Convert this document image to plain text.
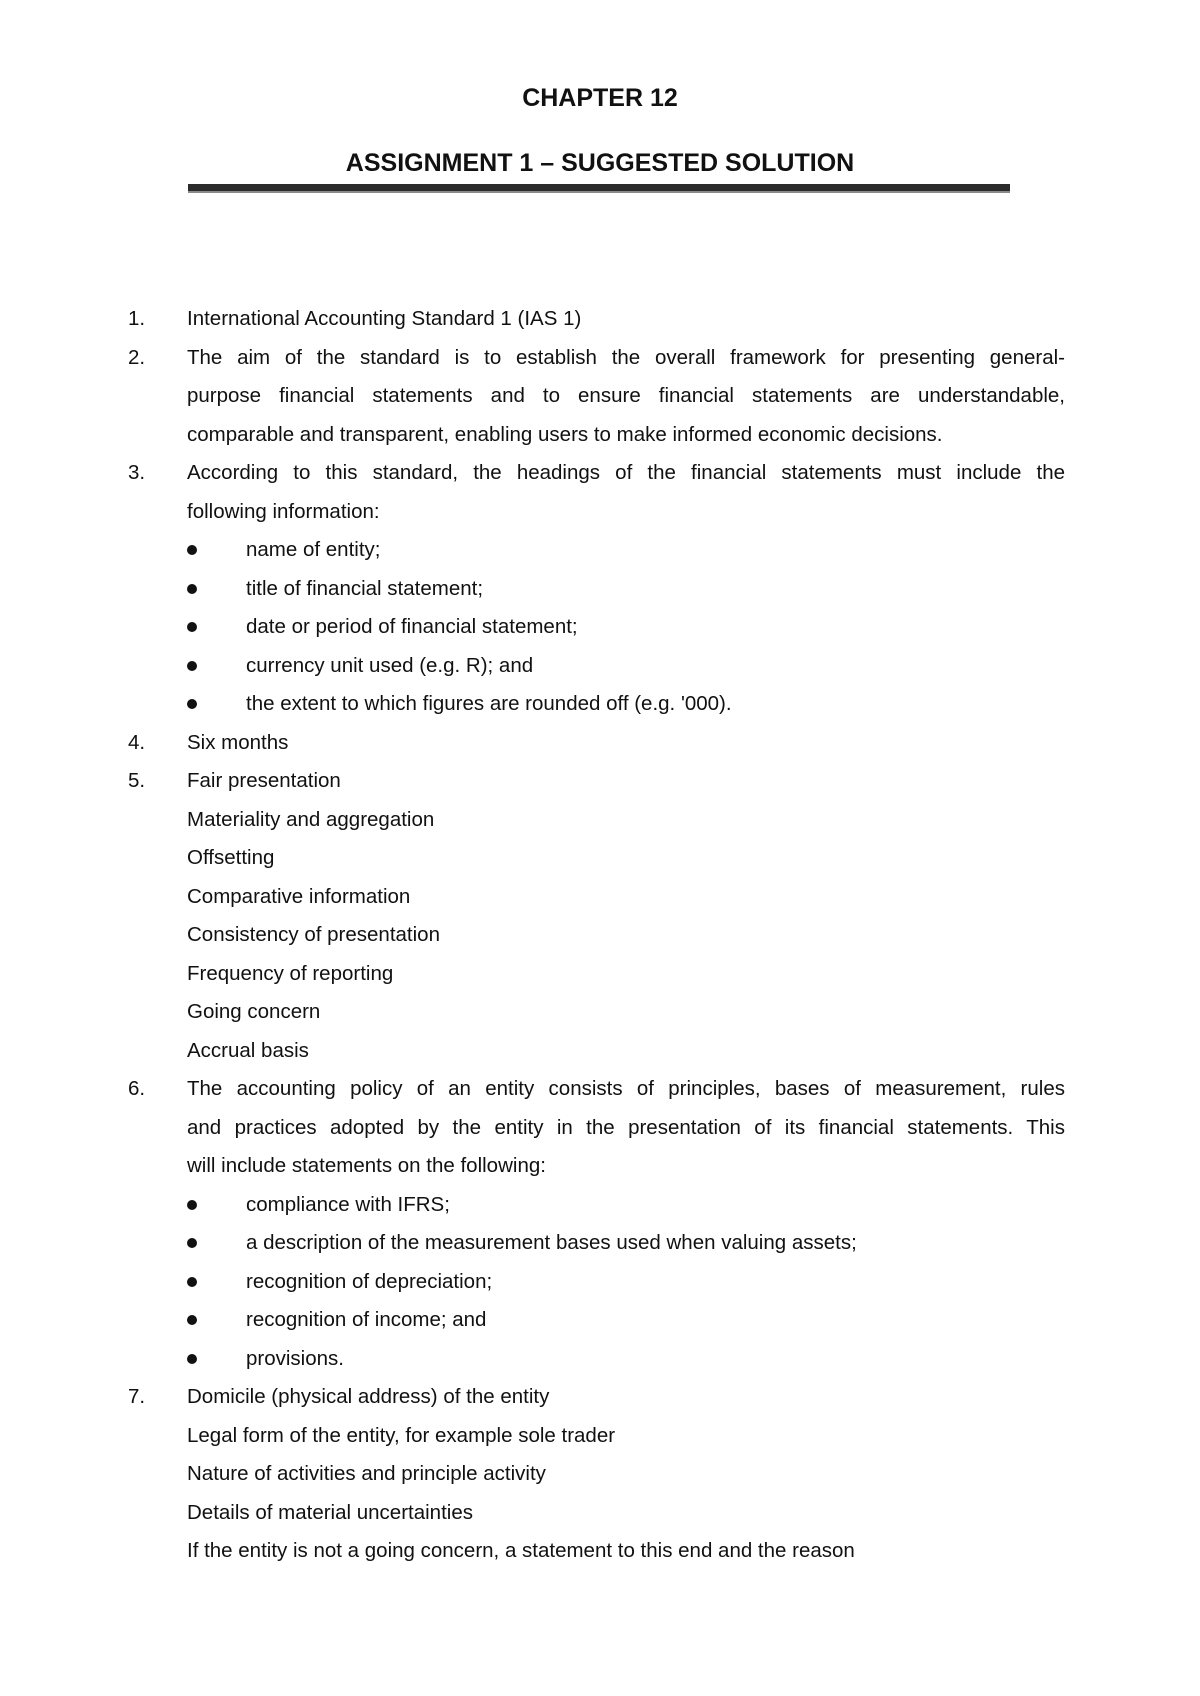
CHAPTER 12
ASSIGNMENT 1 – SUGGESTED SOLUTION
1. International Accounting Standard 1 (IAS 1)
2. The aim of the standard is to establish the overall framework for presenting general-
purpose financial statements and to ensure financial statements are understandable,
comparable and transparent, enabling users to make informed economic decisions.
3. According to this standard, the headings of the financial statements must include the
following information:
name of entity;
title of financial statement;
date or period of financial statement;
currency unit used (e.g. R); and
the extent to which figures are rounded off (e.g. '000).
4. Six months
5. Fair presentation
Materiality and aggregation
Offsetting
Comparative information
Consistency of presentation
Frequency of reporting
Going concern
Accrual basis
6. The accounting policy of an entity consists of principles, bases of measurement, rules
and practices adopted by the entity in the presentation of its financial statements. This
will include statements on the following:
compliance with IFRS;
a description of the measurement bases used when valuing assets;
recognition of depreciation;
recognition of income; and
provisions.
7. Domicile (physical address) of the entity
Legal form of the entity, for example sole trader
Nature of activities and principle activity
Details of material uncertainties
If the entity is not a going concern, a statement to this end and the reason
